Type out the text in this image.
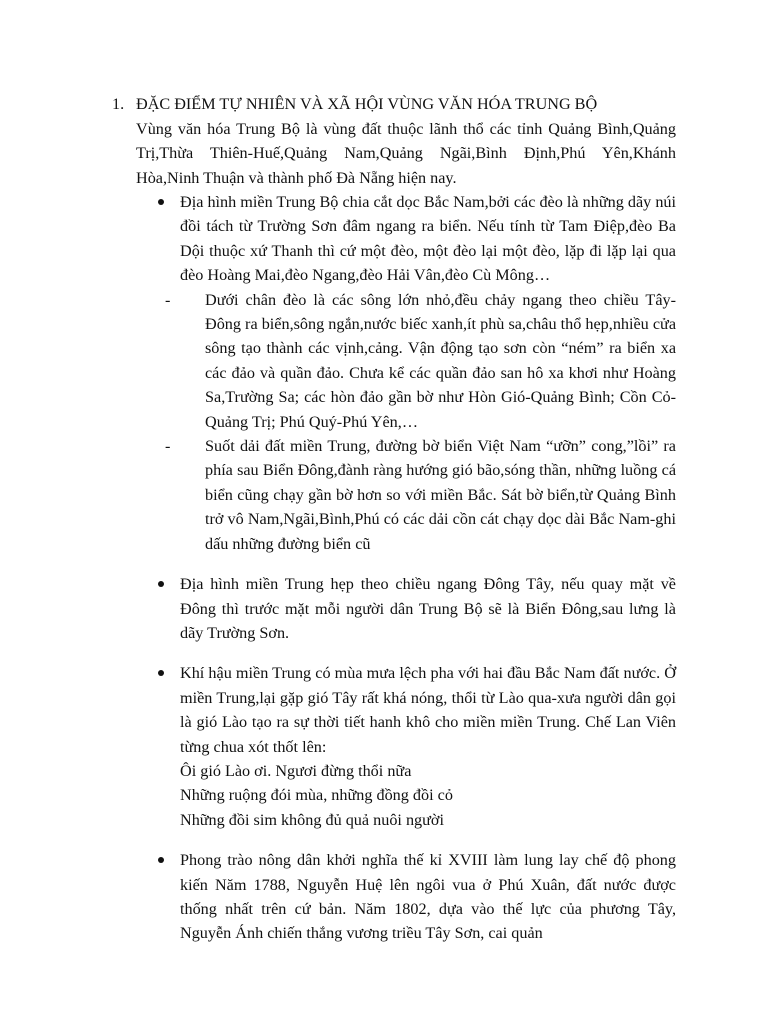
1. ĐẶC ĐIỂM TỰ NHIÊN VÀ XÃ HỘI VÙNG VĂN HÓA TRUNG BỘ
Vùng văn hóa Trung Bộ là vùng đất thuộc lãnh thổ các tỉnh Quảng Bình,Quảng Trị,Thừa Thiên-Huế,Quảng Nam,Quảng Ngãi,Bình Định,Phú Yên,Khánh Hòa,Ninh Thuận và thành phố Đà Nẵng hiện nay.
Địa hình miền Trung Bộ chia cắt dọc Bắc Nam,bởi các đèo là những dãy núi đồi tách từ Trường Sơn đâm ngang ra biển. Nếu tính từ Tam Điệp,đèo Ba Dội thuộc xứ Thanh thì cứ một đèo, một đèo lại một đèo, lặp đi lặp lại qua đèo Hoàng Mai,đèo Ngang,đèo Hải Vân,đèo Cù Mông…
- Dưới chân đèo là các sông lớn nhỏ,đều chảy ngang theo chiều Tây-Đông ra biển,sông ngắn,nước biếc xanh,ít phù sa,châu thổ hẹp,nhiều cửa sông tạo thành các vịnh,cảng. Vận động tạo sơn còn “ném” ra biển xa các đảo và quần đảo. Chưa kể các quần đảo san hô xa khơi như Hoàng Sa,Trường Sa; các hòn đảo gần bờ như Hòn Gió-Quảng Bình; Cồn Cỏ-Quảng Trị; Phú Quý-Phú Yên,…
- Suốt dải đất miền Trung, đường bờ biển Việt Nam “ưỡn” cong,”lồi” ra phía sau Biển Đông,đành ràng hướng gió bão,sóng thần, những luồng cá biển cũng chạy gần bờ hơn so với miền Bắc. Sát bờ biển,từ Quảng Bình trở vô Nam,Ngãi,Bình,Phú có các dải cồn cát chạy dọc dài Bắc Nam-ghi dấu những đường biển cũ
Địa hình miền Trung hẹp theo chiều ngang Đông Tây, nếu quay mặt về Đông thì trước mặt mỗi người dân Trung Bộ sẽ là Biển Đông,sau lưng là dãy Trường Sơn.
Khí hậu miền Trung có mùa mưa lệch pha với hai đầu Bắc Nam đất nước. Ở miền Trung,lại gặp gió Tây rất khá nóng, thổi từ Lào qua-xưa người dân gọi là gió Lào tạo ra sự thời tiết hanh khô cho miền miền Trung. Chế Lan Viên từng chua xót thốt lên:
Ôi gió Lào ơi. Ngươi đừng thổi nữa
Những ruộng đói mùa, những đồng đồi cỏ
Những đồi sim không đủ quả nuôi người
Phong trào nông dân khởi nghĩa thế kỉ XVIII làm lung lay chế độ phong kiến Năm 1788, Nguyễn Huệ lên ngôi vua ở Phú Xuân, đất nước được thống nhất trên cứ bản. Năm 1802, dựa vào thế lực của phương Tây, Nguyễn Ánh chiến thắng vương triều Tây Sơn, cai quản
